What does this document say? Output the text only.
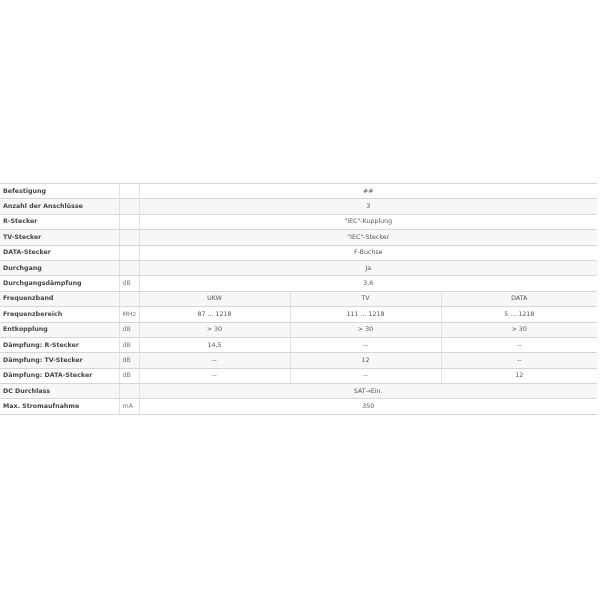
Befestigung		##		
Anzahl der Anschlüsse		3		
R-Stecker		"IEC"-Kupplung		
TV-Stecker		"IEC"-Stecker		
DATA-Stecker		F-Buchse		
Durchgang		Ja		
Durchgangsdämpfung	dB	3,6		
Frequenzband		UKW	TV	DATA
Frequenzbereich	MHz	87 ... 1218	111 ... 1218	5 ... 1218
Entkopplung	dB	> 30	> 30	> 30
Dämpfung: R-Stecker	dB	14,5	--	--
Dämpfung: TV-Stecker	dB	--	12	--
Dämpfung: DATA-Stecker	dB	--	--	12
DC Durchlass		SAT→Ein.		
Max. Stromaufnahme	mA	350		
